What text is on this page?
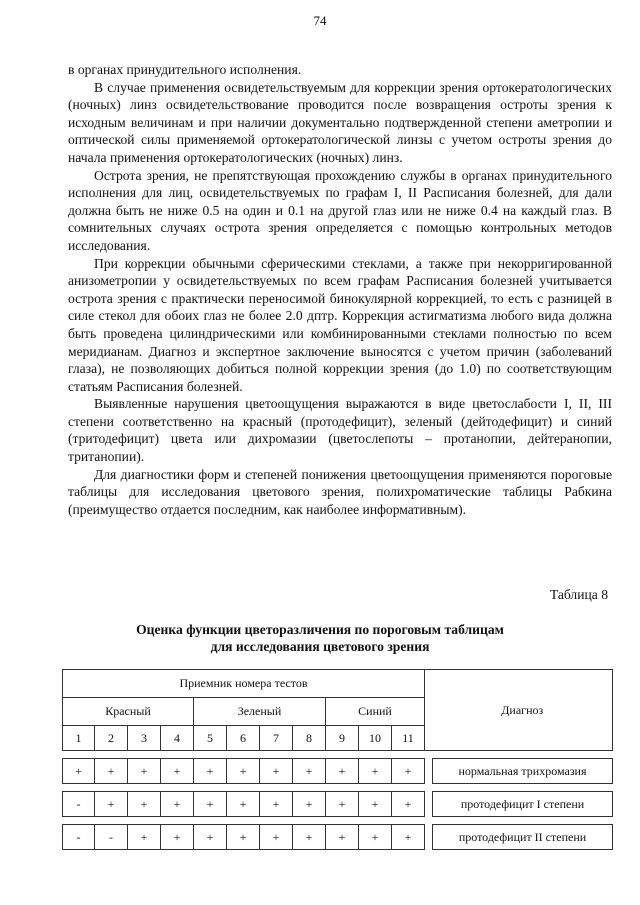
74

в органах принудительного исполнения.

В случае применения освидетельствуемым для коррекции зрения ортокератологических (ночных) линз освидетельствование проводится после возвращения остроты зрения к исходным величинам и при наличии документально подтвержденной степени аметропии и оптической силы применяемой ортокератологической линзы с учетом остроты зрения до начала применения ортокератологических (ночных) линз.

Острота зрения, не препятствующая прохождению службы в органах принудительного исполнения для лиц, освидетельствуемых по графам I, II Расписания болезней, для дали должна быть не ниже 0.5 на один и 0.1 на другой глаз или не ниже 0.4 на каждый глаз. В сомнительных случаях острота зрения определяется с помощью контрольных методов исследования.

При коррекции обычными сферическими стеклами, а также при некорригированной анизометропии у освидетельствуемых по всем графам Расписания болезней учитывается острота зрения с практически переносимой бинокулярной коррекцией, то есть с разницей в силе стекол для обоих глаз не более 2.0 дптр. Коррекция астигматизма любого вида должна быть проведена цилиндрическими или комбинированными стеклами полностью по всем меридианам. Диагноз и экспертное заключение выносятся с учетом причин (заболеваний глаза), не позволяющих добиться полной коррекции зрения (до 1.0) по соответствующим статьям Расписания болезней.

Выявленные нарушения цветоощущения выражаются в виде цветослабости I, II, III степени соответственно на красный (протодефицит), зеленый (дейтодефицит) и синий (тритодефицит) цвета или дихромазии (цветослепоты – протанопии, дейтеранопии, тританопии).

Для диагностики форм и степеней понижения цветоощущения применяются пороговые таблицы для исследования цветового зрения, полихроматические таблицы Рабкина (преимущество отдается последним, как наиболее информативным).

Таблица 8
Оценка функции цветоразличения по пороговым таблицам
для исследования цветового зрения
Приемник номера тестов												Диагноз
Красный				Зеленый				Синий				
1	2	3	4	5	6	7	8	9	10	11		

+	+	+	+	+	+	+	+	+	+	+		нормальная трихромазия

-	+	+	+	+	+	+	+	+	+	+		протодефицит I степени

-	-	+	+	+	+	+	+	+	+	+		протодефицит II степени
